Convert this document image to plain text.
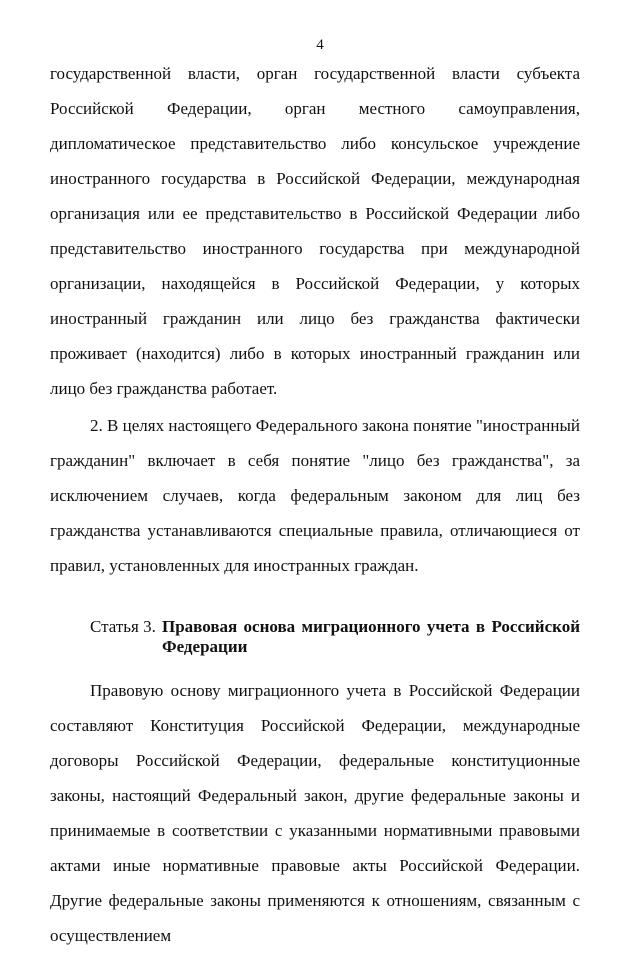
4

государственной власти, орган государственной власти субъекта Российской Федерации, орган местного самоуправления, дипломатическое представительство либо консульское учреждение иностранного государства в Российской Федерации, международная организация или ее представительство в Российской Федерации либо представительство иностранного государства при международной организации, находящейся в Российской Федерации, у которых иностранный гражданин или лицо без гражданства фактически проживает (находится) либо в которых иностранный гражданин или лицо без гражданства работает.

2. В целях настоящего Федерального закона понятие "иностранный гражданин" включает в себя понятие "лицо без гражданства", за исключением случаев, когда федеральным законом для лиц без гражданства устанавливаются специальные правила, отличающиеся от правил, установленных для иностранных граждан.

Статья 3. Правовая основа миграционного учета в Российской Федерации

Правовую основу миграционного учета в Российской Федерации составляют Конституция Российской Федерации, международные договоры Российской Федерации, федеральные конституционные законы, настоящий Федеральный закон, другие федеральные законы и принимаемые в соответствии с указанными нормативными правовыми актами иные нормативные правовые акты Российской Федерации. Другие федеральные законы применяются к отношениям, связанным с осуществлением
